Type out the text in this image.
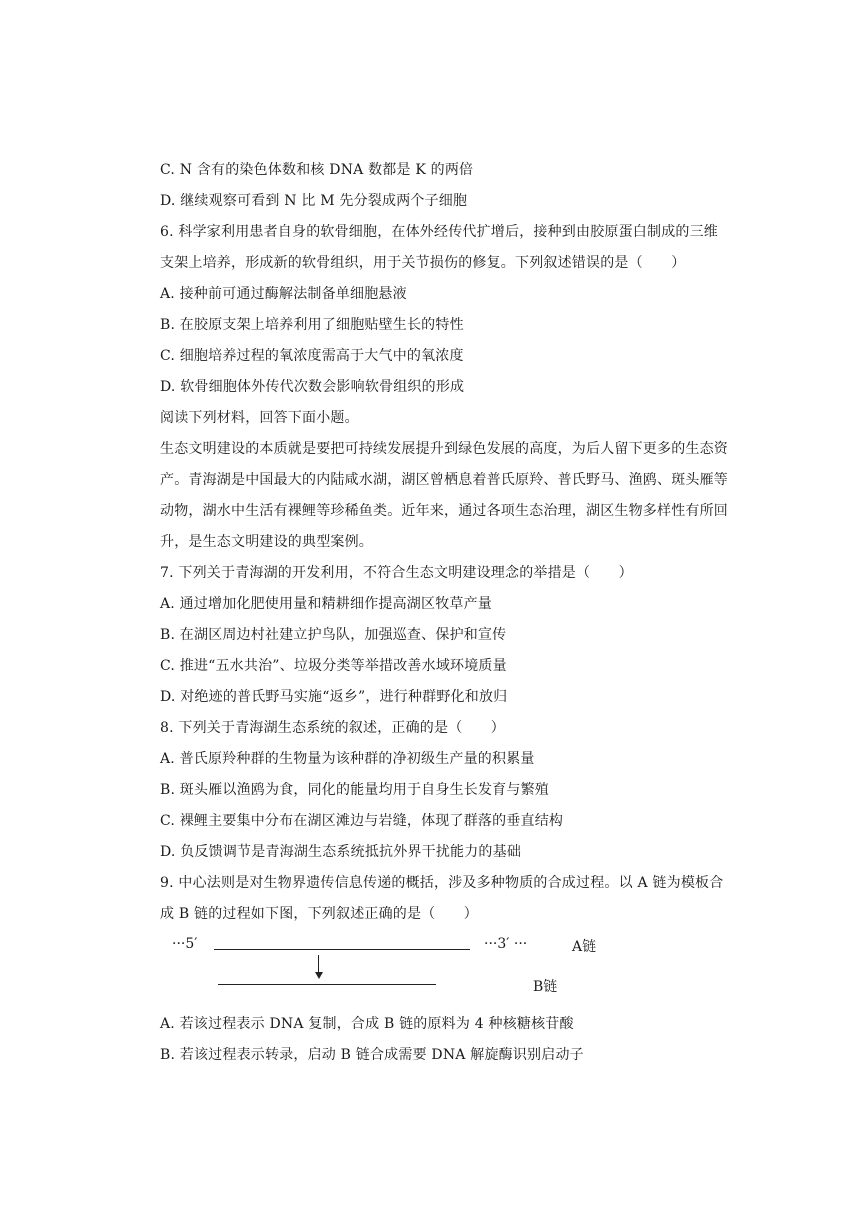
C. N 含有的染色体数和核 DNA 数都是 K 的两倍
D. 继续观察可看到 N 比 M 先分裂成两个子细胞
6. 科学家利用患者自身的软骨细胞，在体外经传代扩增后，接种到由胶原蛋白制成的三维
支架上培养，形成新的软骨组织，用于关节损伤的修复。下列叙述错误的是（　　）
A. 接种前可通过酶解法制备单细胞悬液
B. 在胶原支架上培养利用了细胞贴壁生长的特性
C. 细胞培养过程的氧浓度需高于大气中的氧浓度
D. 软骨细胞体外传代次数会影响软骨组织的形成
阅读下列材料，回答下面小题。
生态文明建设的本质就是要把可持续发展提升到绿色发展的高度，为后人留下更多的生态资
产。青海湖是中国最大的内陆咸水湖，湖区曾栖息着普氏原羚、普氏野马、渔鸥、斑头雁等
动物，湖水中生活有裸鲤等珍稀鱼类。近年来，通过各项生态治理，湖区生物多样性有所回
升，是生态文明建设的典型案例。
7. 下列关于青海湖的开发利用，不符合生态文明建设理念的举措是（　　）
A. 通过增加化肥使用量和精耕细作提高湖区牧草产量
B. 在湖区周边村社建立护鸟队，加强巡查、保护和宣传
C. 推进“五水共治”、垃圾分类等举措改善水域环境质量
D. 对绝迹的普氏野马实施“返乡”，进行种群野化和放归
8. 下列关于青海湖生态系统的叙述，正确的是（　　）
A. 普氏原羚种群的生物量为该种群的净初级生产量的积累量
B. 斑头雁以渔鸥为食，同化的能量均用于自身生长发育与繁殖
C. 裸鲤主要集中分布在湖区滩边与岩缝，体现了群落的垂直结构
D. 负反馈调节是青海湖生态系统抵抗外界干扰能力的基础
9. 中心法则是对生物界遗传信息传递的概括，涉及多种物质的合成过程。以 A 链为模板合
成 B 链的过程如下图，下列叙述正确的是（　　）
···5′	···3′ ···	A链
B链
A. 若该过程表示 DNA 复制，合成 B 链的原料为 4 种核糖核苷酸
B. 若该过程表示转录，启动 B 链合成需要 DNA 解旋酶识别启动子
